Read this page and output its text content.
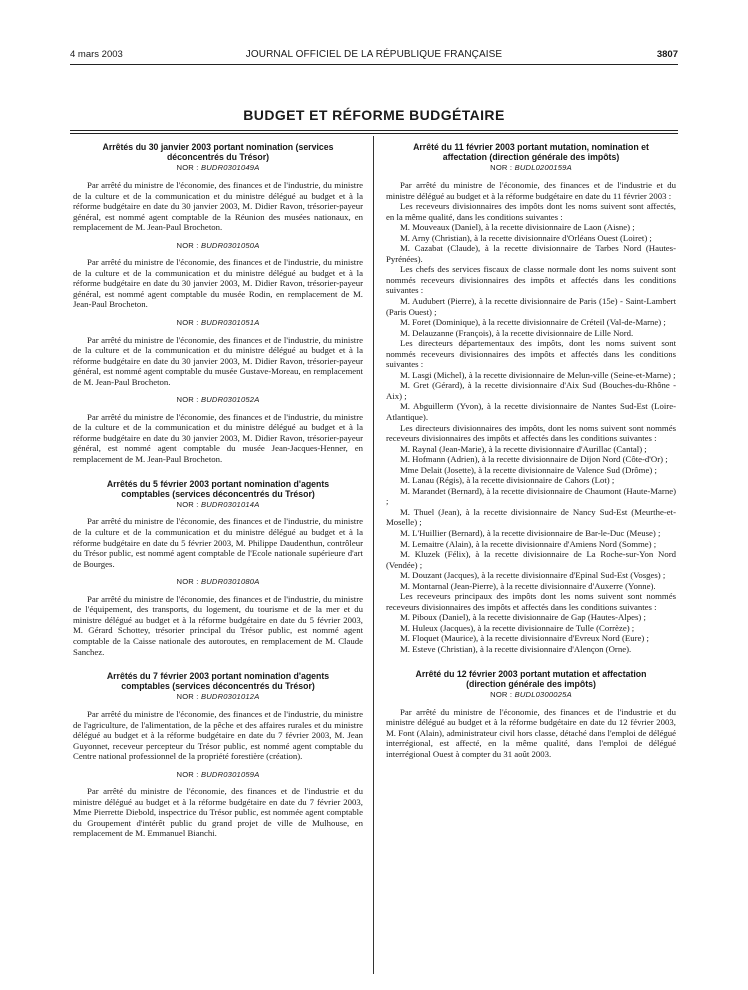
4 mars 2003	JOURNAL OFFICIEL DE LA RÉPUBLIQUE FRANÇAISE	3807
BUDGET ET RÉFORME BUDGÉTAIRE

Arrêtés du 30 janvier 2003 portant nomination (services déconcentrés du Trésor)

NOR : BUDR0301049A

Par arrêté du ministre de l'économie, des finances et de l'industrie, du ministre de la culture et de la communication et du ministre délégué au budget et à la réforme budgétaire en date du 30 janvier 2003, M. Didier Ravon, trésorier-payeur général, est nommé agent comptable de la Réunion des musées nationaux, en remplacement de M. Jean-Paul Brocheton.

NOR : BUDR0301050A

Par arrêté du ministre de l'économie, des finances et de l'industrie, du ministre de la culture et de la communication et du ministre délégué au budget et à la réforme budgétaire en date du 30 janvier 2003, M. Didier Ravon, trésorier-payeur général, est nommé agent comptable du musée Rodin, en remplacement de M. Jean-Paul Brocheton.

NOR : BUDR0301051A

Par arrêté du ministre de l'économie, des finances et de l'industrie, du ministre de la culture et de la communication et du ministre délégué au budget et à la réforme budgétaire en date du 30 janvier 2003, M. Didier Ravon, trésorier-payeur général, est nommé agent comptable du musée Gustave-Moreau, en remplacement de M. Jean-Paul Brocheton.

NOR : BUDR0301052A

Par arrêté du ministre de l'économie, des finances et de l'industrie, du ministre de la culture et de la communication et du ministre délégué au budget et à la réforme budgétaire en date du 30 janvier 2003, M. Didier Ravon, trésorier-payeur général, est nommé agent comptable du musée Jean-Jacques-Henner, en remplacement de M. Jean-Paul Brocheton.

Arrêtés du 5 février 2003 portant nomination d'agents comptables (services déconcentrés du Trésor)

NOR : BUDR0301014A

Par arrêté du ministre de l'économie, des finances et de l'industrie, du ministre de la culture et de la communication et du ministre délégué au budget et à la réforme budgétaire en date du 5 février 2003, M. Philippe Daudenthun, contrôleur du Trésor public, est nommé agent comptable de l'Ecole nationale supérieure d'art de Bourges.

NOR : BUDR0301080A

Par arrêté du ministre de l'économie, des finances et de l'industrie, du ministre de l'équipement, des transports, du logement, du tourisme et de la mer et du ministre délégué au budget et à la réforme budgétaire en date du 5 février 2003, M. Gérard Schottey, trésorier principal du Trésor public, est nommé agent comptable de la Caisse nationale des autoroutes, en remplacement de M. Claude Sanchez.

Arrêtés du 7 février 2003 portant nomination d'agents comptables (services déconcentrés du Trésor)

NOR : BUDR0301012A

Par arrêté du ministre de l'économie, des finances et de l'industrie, du ministre de l'agriculture, de l'alimentation, de la pêche et des affaires rurales et du ministre délégué au budget et à la réforme budgétaire en date du 7 février 2003, M. Jean Guyonnet, receveur percepteur du Trésor public, est nommé agent comptable du Centre national professionnel de la propriété forestière (création).

NOR : BUDR0301059A

Par arrêté du ministre de l'économie, des finances et de l'industrie et du ministre délégué au budget et à la réforme budgétaire en date du 7 février 2003, Mme Pierrette Diebold, inspectrice du Trésor public, est nommée agent comptable du Groupement d'intérêt public du grand projet de ville de Mulhouse, en remplacement de M. Emmanuel Bianchi.

Arrêté du 11 février 2003 portant mutation, nomination et affectation (direction générale des impôts)

NOR : BUDL0200159A

Par arrêté du ministre de l'économie, des finances et de l'industrie et du ministre délégué au budget et à la réforme budgétaire en date du 11 février 2003 :

Les receveurs divisionnaires des impôts dont les noms suivent sont affectés, en la même qualité, dans les conditions suivantes :

M. Mouveaux (Daniel), à la recette divisionnaire de Laon (Aisne) ;

M. Arny (Christian), à la recette divisionnaire d'Orléans Ouest (Loiret) ;

M. Cazabat (Claude), à la recette divisionnaire de Tarbes Nord (Hautes-Pyrénées).

Les chefs des services fiscaux de classe normale dont les noms suivent sont nommés receveurs divisionnaires des impôts et affectés dans les conditions suivantes :

M. Audubert (Pierre), à la recette divisionnaire de Paris (15e) - Saint-Lambert (Paris Ouest) ;

M. Foret (Dominique), à la recette divisionnaire de Créteil (Val-de-Marne) ;

M. Delauzanne (François), à la recette divisionnaire de Lille Nord.

Les directeurs départementaux des impôts, dont les noms suivent sont nommés receveurs divisionnaires des impôts et affectés dans les conditions suivantes :

M. Lasgi (Michel), à la recette divisionnaire de Melun-ville (Seine-et-Marne) ;

M. Gret (Gérard), à la recette divisionnaire d'Aix Sud (Bouches-du-Rhône - Aix) ;

M. Abguillerm (Yvon), à la recette divisionnaire de Nantes Sud-Est (Loire-Atlantique).

Les directeurs divisionnaires des impôts, dont les noms suivent sont nommés receveurs divisionnaires des impôts et affectés dans les conditions suivantes :

M. Raynal (Jean-Marie), à la recette divisionnaire d'Aurillac (Cantal) ;

M. Hofmann (Adrien), à la recette divisionnaire de Dijon Nord (Côte-d'Or) ;

Mme Delait (Josette), à la recette divisionnaire de Valence Sud (Drôme) ;

M. Lanau (Régis), à la recette divisionnaire de Cahors (Lot) ;

M. Marandet (Bernard), à la recette divisionnaire de Chaumont (Haute-Marne) ;

M. Thuel (Jean), à la recette divisionnaire de Nancy Sud-Est (Meurthe-et-Moselle) ;

M. L'Huillier (Bernard), à la recette divisionnaire de Bar-le-Duc (Meuse) ;

M. Lemaitre (Alain), à la recette divisionnaire d'Amiens Nord (Somme) ;

M. Kluzek (Félix), à la recette divisionnaire de La Roche-sur-Yon Nord (Vendée) ;

M. Douzant (Jacques), à la recette divisionnaire d'Epinal Sud-Est (Vosges) ;

M. Montarnal (Jean-Pierre), à la recette divisionnaire d'Auxerre (Yonne).

Les receveurs principaux des impôts dont les noms suivent sont nommés receveurs divisionnaires des impôts et affectés dans les conditions suivantes :

M. Piboux (Daniel), à la recette divisionnaire de Gap (Hautes-Alpes) ;

M. Huleux (Jacques), à la recette divisionnaire de Tulle (Corrèze) ;

M. Floquet (Maurice), à la recette divisionnaire d'Evreux Nord (Eure) ;

M. Esteve (Christian), à la recette divisionnaire d'Alençon (Orne).

Arrêté du 12 février 2003 portant mutation et affectation (direction générale des impôts)

NOR : BUDL0300025A

Par arrêté du ministre de l'économie, des finances et de l'industrie et du ministre délégué au budget et à la réforme budgétaire en date du 12 février 2003, M. Font (Alain), administrateur civil hors classe, détaché dans l'emploi de délégué interrégional, est affecté, en la même qualité, dans l'emploi de délégué interrégional Ouest à compter du 31 août 2003.
